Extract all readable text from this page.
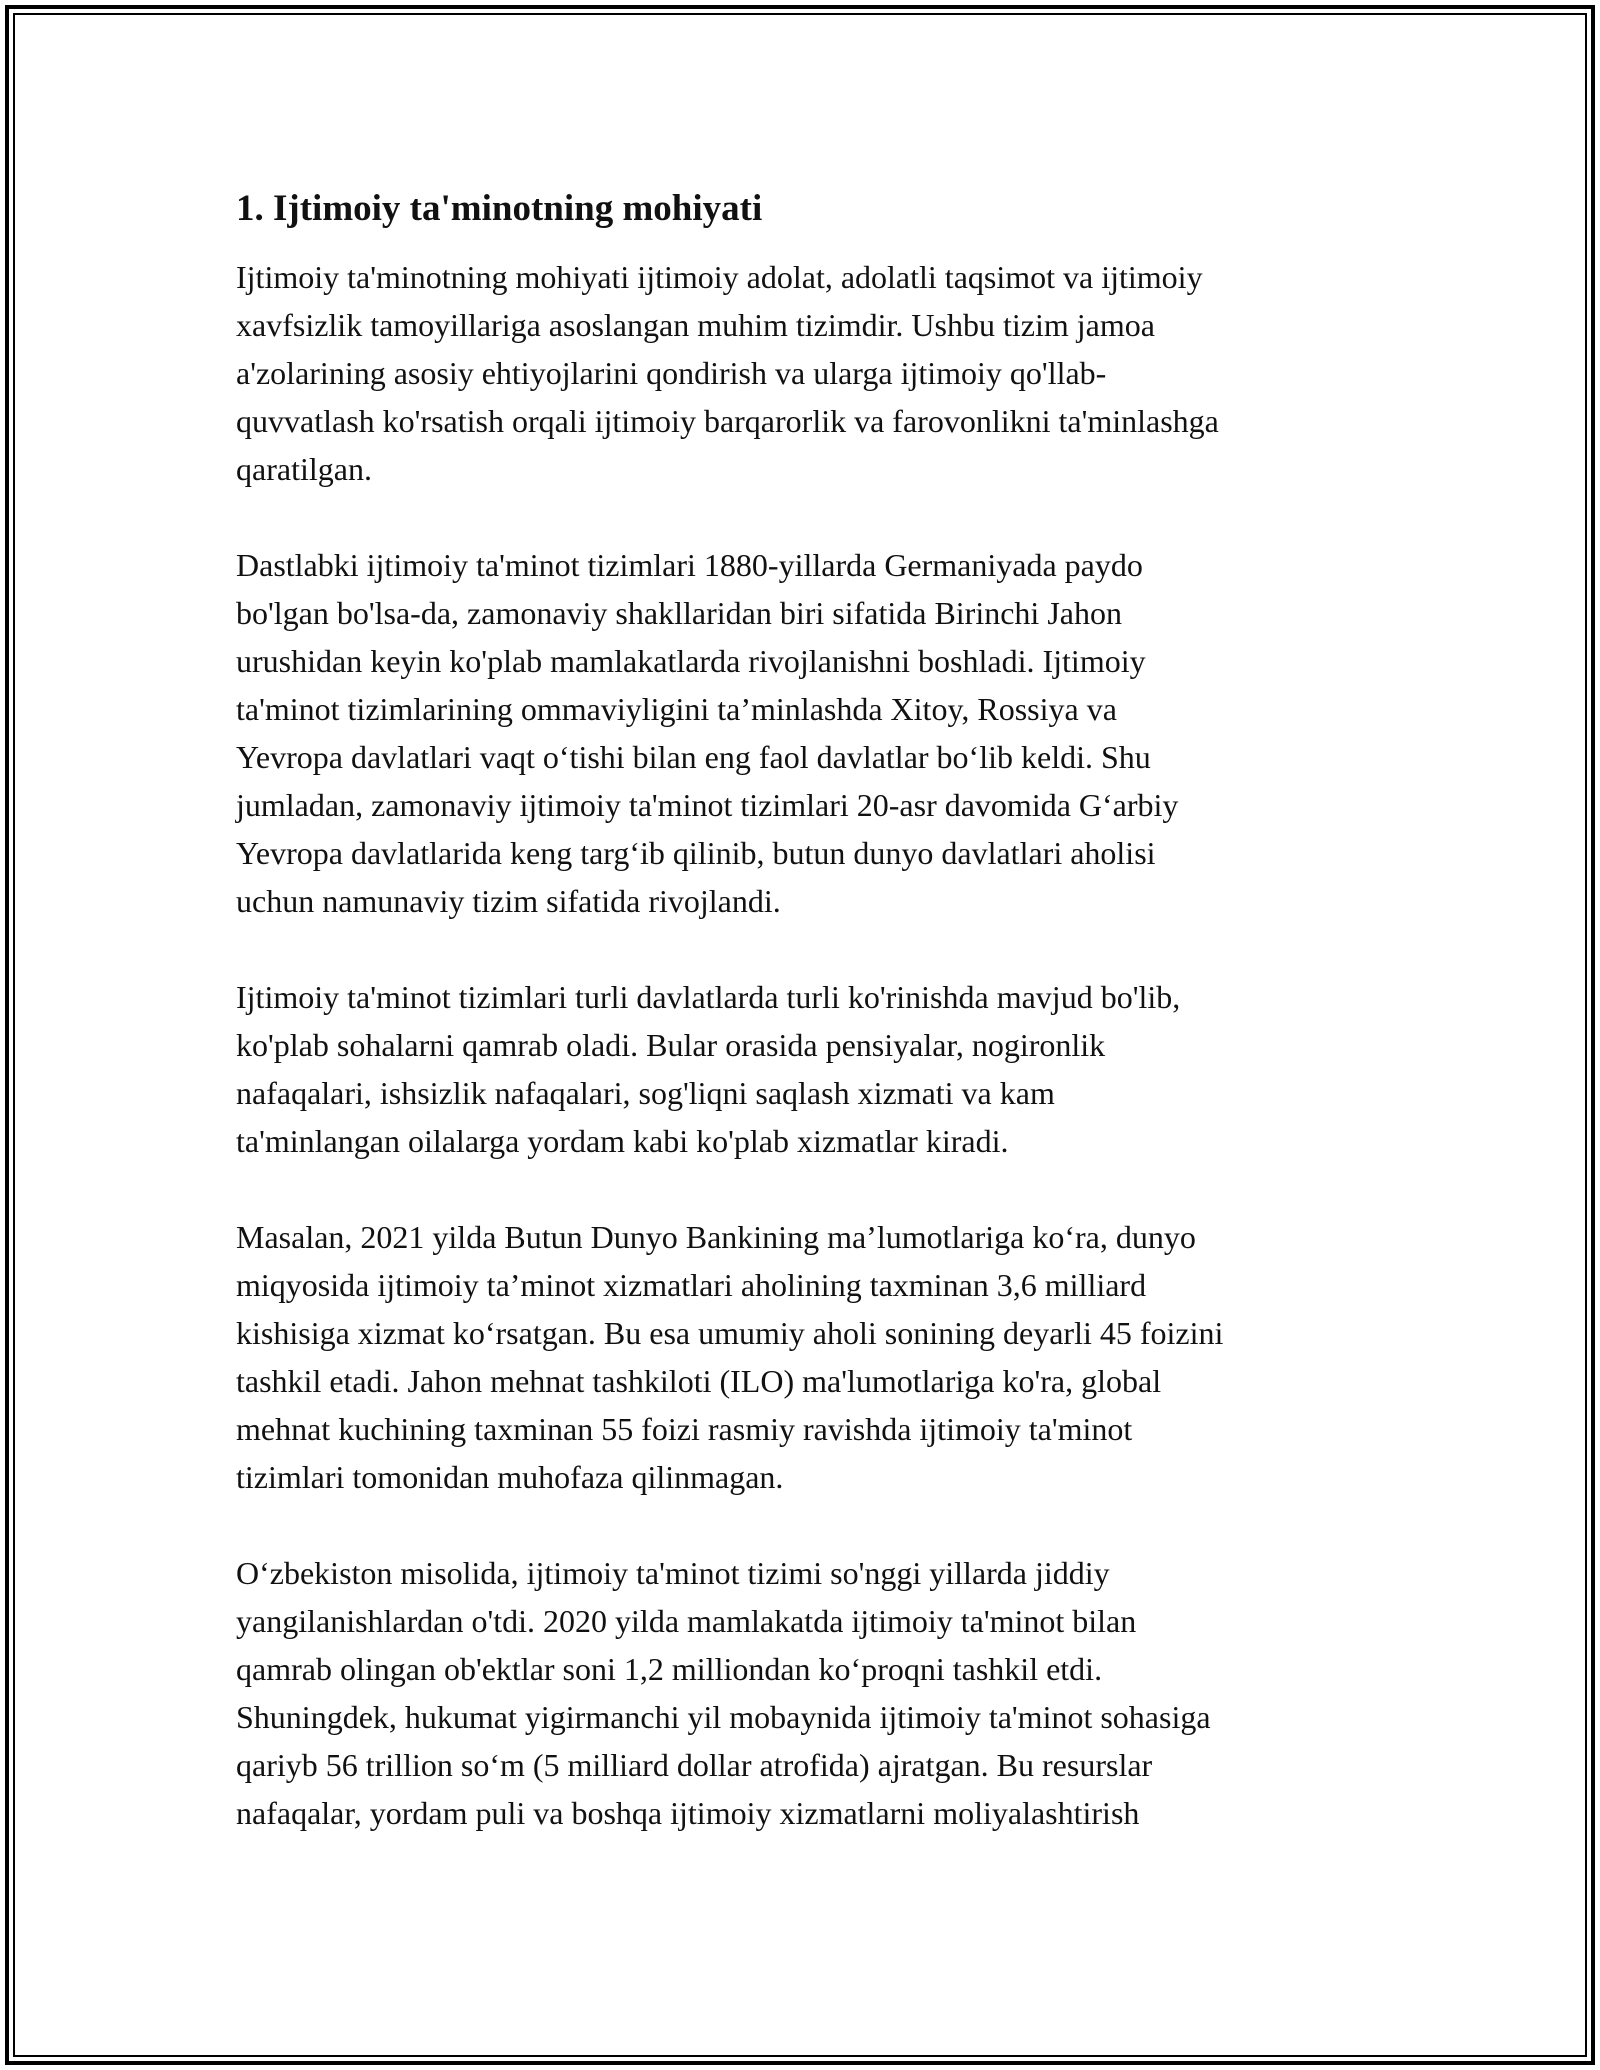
1. Ijtimoiy ta'minotning mohiyati

Ijtimoiy ta'minotning mohiyati ijtimoiy adolat, adolatli taqsimot va ijtimoiy
xavfsizlik tamoyillariga asoslangan muhim tizimdir. Ushbu tizim jamoa
a'zolarining asosiy ehtiyojlarini qondirish va ularga ijtimoiy qo'llab-
quvvatlash ko'rsatish orqali ijtimoiy barqarorlik va farovonlikni ta'minlashga
qaratilgan.

Dastlabki ijtimoiy ta'minot tizimlari 1880-yillarda Germaniyada paydo
bo'lgan bo'lsa-da, zamonaviy shakllaridan biri sifatida Birinchi Jahon
urushidan keyin ko'plab mamlakatlarda rivojlanishni boshladi. Ijtimoiy
ta'minot tizimlarining ommaviyligini ta’minlashda Xitoy, Rossiya va
Yevropa davlatlari vaqt o‘tishi bilan eng faol davlatlar bo‘lib keldi. Shu
jumladan, zamonaviy ijtimoiy ta'minot tizimlari 20-asr davomida G‘arbiy
Yevropa davlatlarida keng targ‘ib qilinib, butun dunyo davlatlari aholisi
uchun namunaviy tizim sifatida rivojlandi.

Ijtimoiy ta'minot tizimlari turli davlatlarda turli ko'rinishda mavjud bo'lib,
ko'plab sohalarni qamrab oladi. Bular orasida pensiyalar, nogironlik
nafaqalari, ishsizlik nafaqalari, sog'liqni saqlash xizmati va kam
ta'minlangan oilalarga yordam kabi ko'plab xizmatlar kiradi.

Masalan, 2021 yilda Butun Dunyo Bankining ma’lumotlariga ko‘ra, dunyo
miqyosida ijtimoiy ta’minot xizmatlari aholining taxminan 3,6 milliard
kishisiga xizmat ko‘rsatgan. Bu esa umumiy aholi sonining deyarli 45 foizini
tashkil etadi. Jahon mehnat tashkiloti (ILO) ma'lumotlariga ko'ra, global
mehnat kuchining taxminan 55 foizi rasmiy ravishda ijtimoiy ta'minot
tizimlari tomonidan muhofaza qilinmagan.

O‘zbekiston misolida, ijtimoiy ta'minot tizimi so'nggi yillarda jiddiy
yangilanishlardan o'tdi. 2020 yilda mamlakatda ijtimoiy ta'minot bilan
qamrab olingan ob'ektlar soni 1,2 milliondan ko‘proqni tashkil etdi.
Shuningdek, hukumat yigirmanchi yil mobaynida ijtimoiy ta'minot sohasiga
qariyb 56 trillion so‘m (5 milliard dollar atrofida) ajratgan. Bu resurslar
nafaqalar, yordam puli va boshqa ijtimoiy xizmatlarni moliyalashtirish
